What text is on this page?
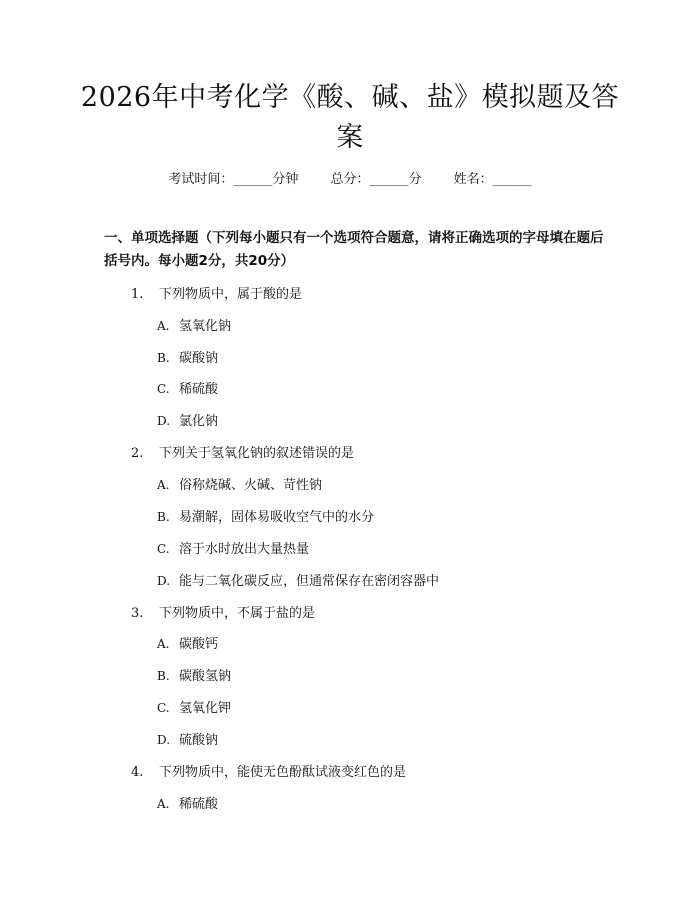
2026年中考化学《酸、碱、盐》模拟题及答案
考试时间：______分钟 总分：______分 姓名：______
一、单项选择题（下列每小题只有一个选项符合题意，请将正确选项的字母填在题后括号内。每小题2分，共20分）
1. 下列物质中，属于酸的是
A. 氢氧化钠
B. 碳酸钠
C. 稀硫酸
D. 氯化钠
2. 下列关于氢氧化钠的叙述错误的是
A. 俗称烧碱、火碱、苛性钠
B. 易潮解，固体易吸收空气中的水分
C. 溶于水时放出大量热量
D. 能与二氧化碳反应，但通常保存在密闭容器中
3. 下列物质中，不属于盐的是
A. 碳酸钙
B. 碳酸氢钠
C. 氢氧化钾
D. 硫酸钠
4. 下列物质中，能使无色酚酞试液变红色的是
A. 稀硫酸
